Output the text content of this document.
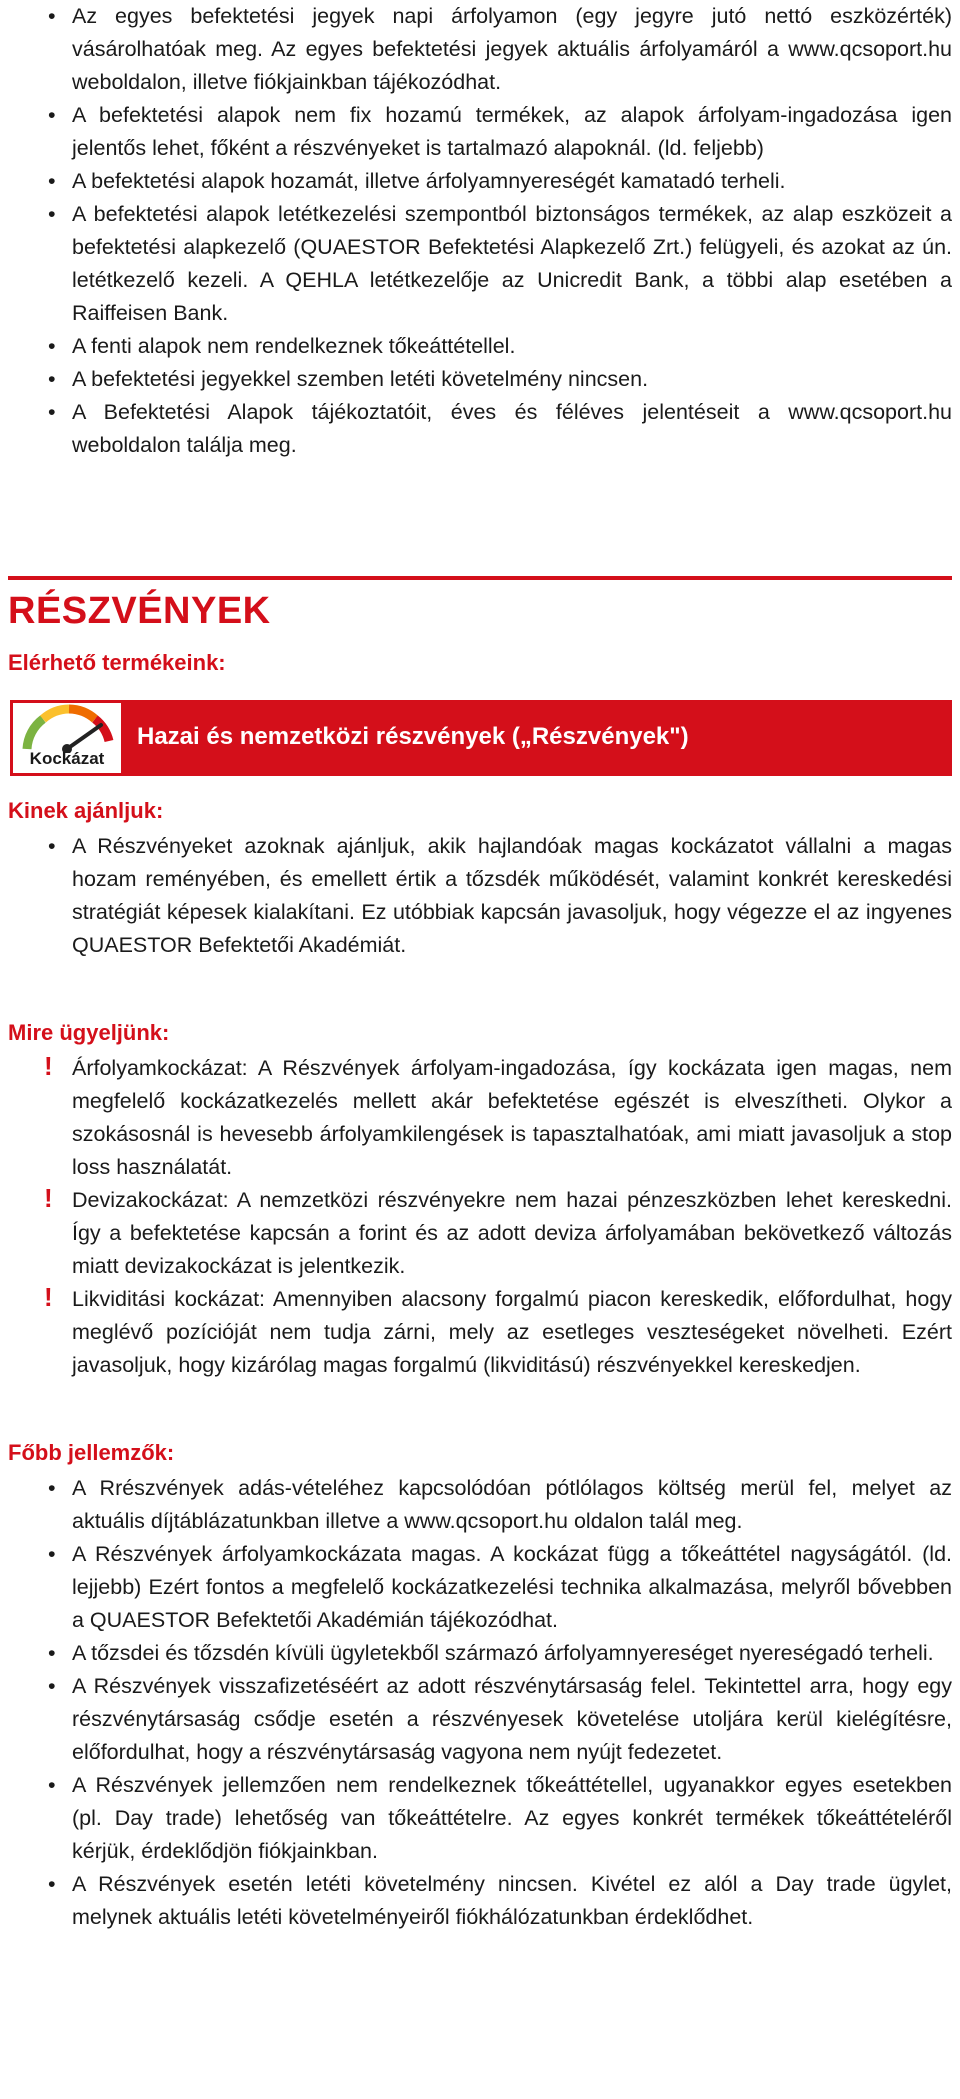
• Az egyes befektetési jegyek napi árfolyamon (egy jegyre jutó nettó eszközérték) vásárolhatóak meg. Az egyes befektetési jegyek aktuális árfolyamáról a www.qcsoport.hu weboldalon, illetve fiókjainkban tájékozódhat.
• A befektetési alapok nem fix hozamú termékek, az alapok árfolyam-ingadozása igen jelentős lehet, főként a részvényeket is tartalmazó alapoknál. (ld. feljebb)
• A befektetési alapok hozamát, illetve árfolyamnyereségét kamatadó terheli.
• A befektetési alapok letétkezelési szempontból biztonságos termékek, az alap eszközeit a befektetési alapkezelő (QUAESTOR Befektetési Alapkezelő Zrt.) felügyeli, és azokat az ún. letétkezelő kezeli. A QEHLA letétkezelője az Unicredit Bank, a többi alap esetében a Raiffeisen Bank.
• A fenti alapok nem rendelkeznek tőkeáttétellel.
• A befektetési jegyekkel szemben letéti követelmény nincsen.
• A Befektetési Alapok tájékoztatóit, éves és féléves jelentéseit a www.qcsoport.hu weboldalon találja meg.
RÉSZVÉNYEK
Elérhető termékeink:
Kockázat
Hazai és nemzetközi részvények („Részvények")
Kinek ajánljuk:
• A Részvényeket azoknak ajánljuk, akik hajlandóak magas kockázatot vállalni a magas hozam reményében, és emellett értik a tőzsdék működését, valamint konkrét kereskedési stratégiát képesek kialakítani. Ez utóbbiak kapcsán javasoljuk, hogy végezze el az ingyenes QUAESTOR Befektetői Akadémiát.
Mire ügyeljünk:
! Árfolyamkockázat: A Részvények árfolyam-ingadozása, így kockázata igen magas, nem megfelelő kockázatkezelés mellett akár befektetése egészét is elveszítheti. Olykor a szokásosnál is hevesebb árfolyamkilengések is tapasztalhatóak, ami miatt javasoljuk a stop loss használatát.
! Devizakockázat: A nemzetközi részvényekre nem hazai pénzeszközben lehet kereskedni. Így a befektetése kapcsán a forint és az adott deviza árfolyamában bekövetkező változás miatt devizakockázat is jelentkezik.
! Likviditási kockázat: Amennyiben alacsony forgalmú piacon kereskedik, előfordulhat, hogy meglévő pozícióját nem tudja zárni, mely az esetleges veszteségeket növelheti. Ezért javasoljuk, hogy kizárólag magas forgalmú (likviditású) részvényekkel kereskedjen.
Főbb jellemzők:
• A Rrészvények adás-vételéhez kapcsolódóan pótlólagos költség merül fel, melyet az aktuális díjtáblázatunkban illetve a www.qcsoport.hu oldalon talál meg.
• A Részvények árfolyamkockázata magas. A kockázat függ a tőkeáttétel nagyságától. (ld. lejjebb) Ezért fontos a megfelelő kockázatkezelési technika alkalmazása, melyről bővebben a QUAESTOR Befektetői Akadémián tájékozódhat.
• A tőzsdei és tőzsdén kívüli ügyletekből származó árfolyamnyereséget nyereségadó terheli.
• A Részvények visszafizetéséért az adott részvénytársaság felel. Tekintettel arra, hogy egy részvénytársaság csődje esetén a részvényesek követelése utoljára kerül kielégítésre, előfordulhat, hogy a részvénytársaság vagyona nem nyújt fedezetet.
• A Részvények jellemzően nem rendelkeznek tőkeáttétellel, ugyanakkor egyes esetekben (pl. Day trade) lehetőség van tőkeáttételre. Az egyes konkrét termékek tőkeáttételéről kérjük, érdeklődjön fiókjainkban.
• A Részvények esetén letéti követelmény nincsen. Kivétel ez alól a Day trade ügylet, melynek aktuális letéti követelményeiről fiókhálózatunkban érdeklődhet.
